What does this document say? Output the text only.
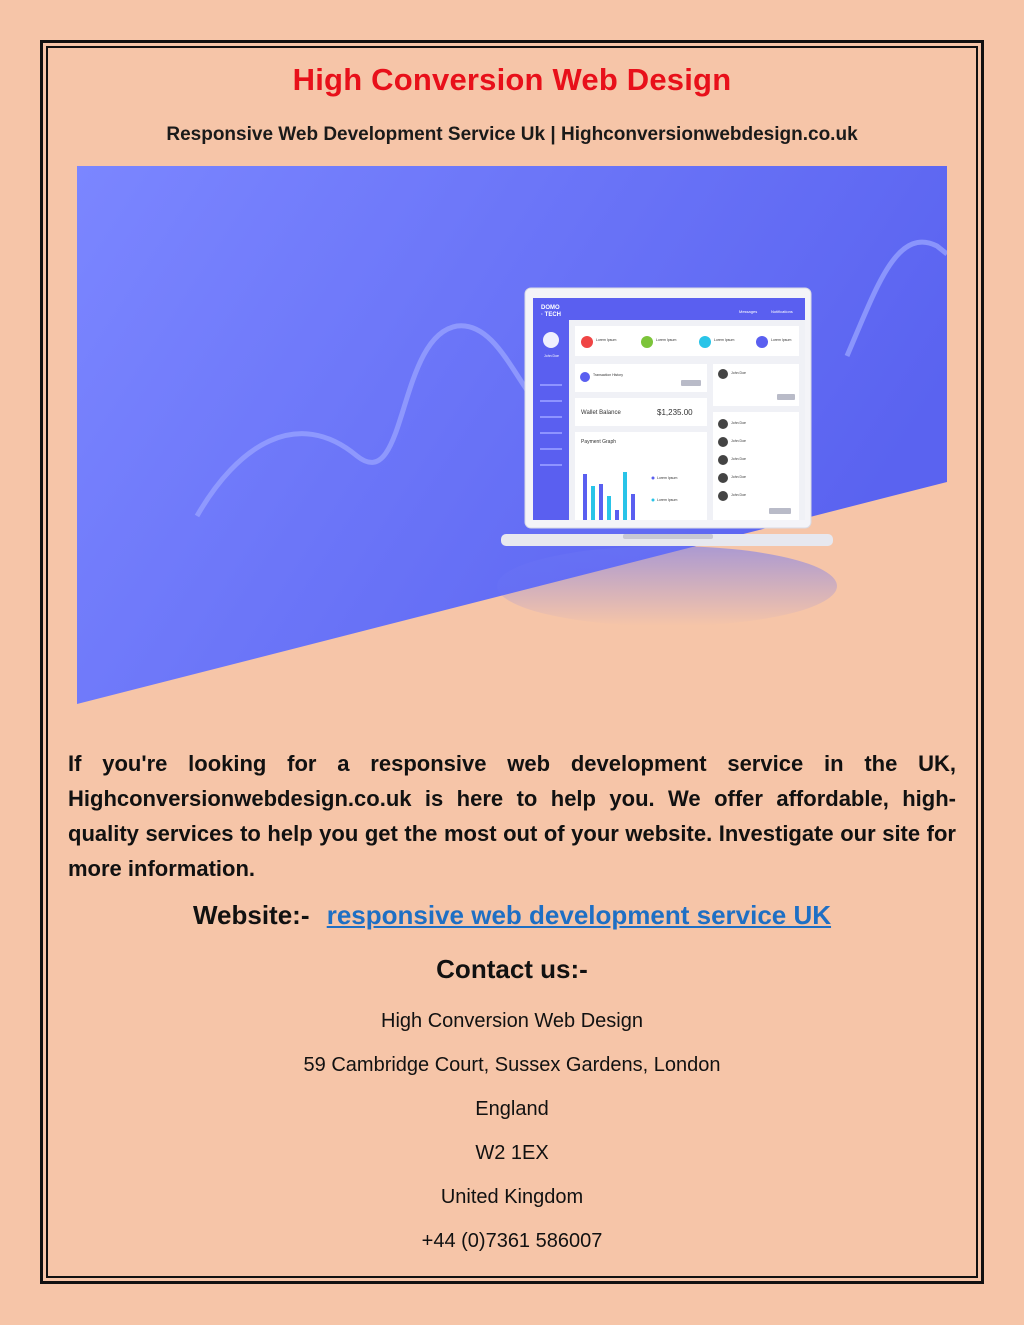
High Conversion Web Design
Responsive Web Development Service Uk | Highconversionwebdesign.co.uk
DOMO
· TECH
Messages	Notifications
John Doe
Lorem Ipsum	Lorem Ipsum	Lorem Ipsum	Lorem Ipsum
Transaction History
Wallet Balance	$1,235.00
Payment Graph
Lorem Ipsum
Lorem Ipsum
John Doe
John Doe
John Doe
John Doe
John Doe
John Doe
If you're looking for a responsive web development service in the UK, Highconversionwebdesign.co.uk is here to help you. We offer affordable, high-quality services to help you get the most out of your website. Investigate our site for more information.
Website:- responsive web development service UK
Contact us:-
High Conversion Web Design
59 Cambridge Court, Sussex Gardens, London
England
W2 1EX
United Kingdom
+44 (0)7361 586007
